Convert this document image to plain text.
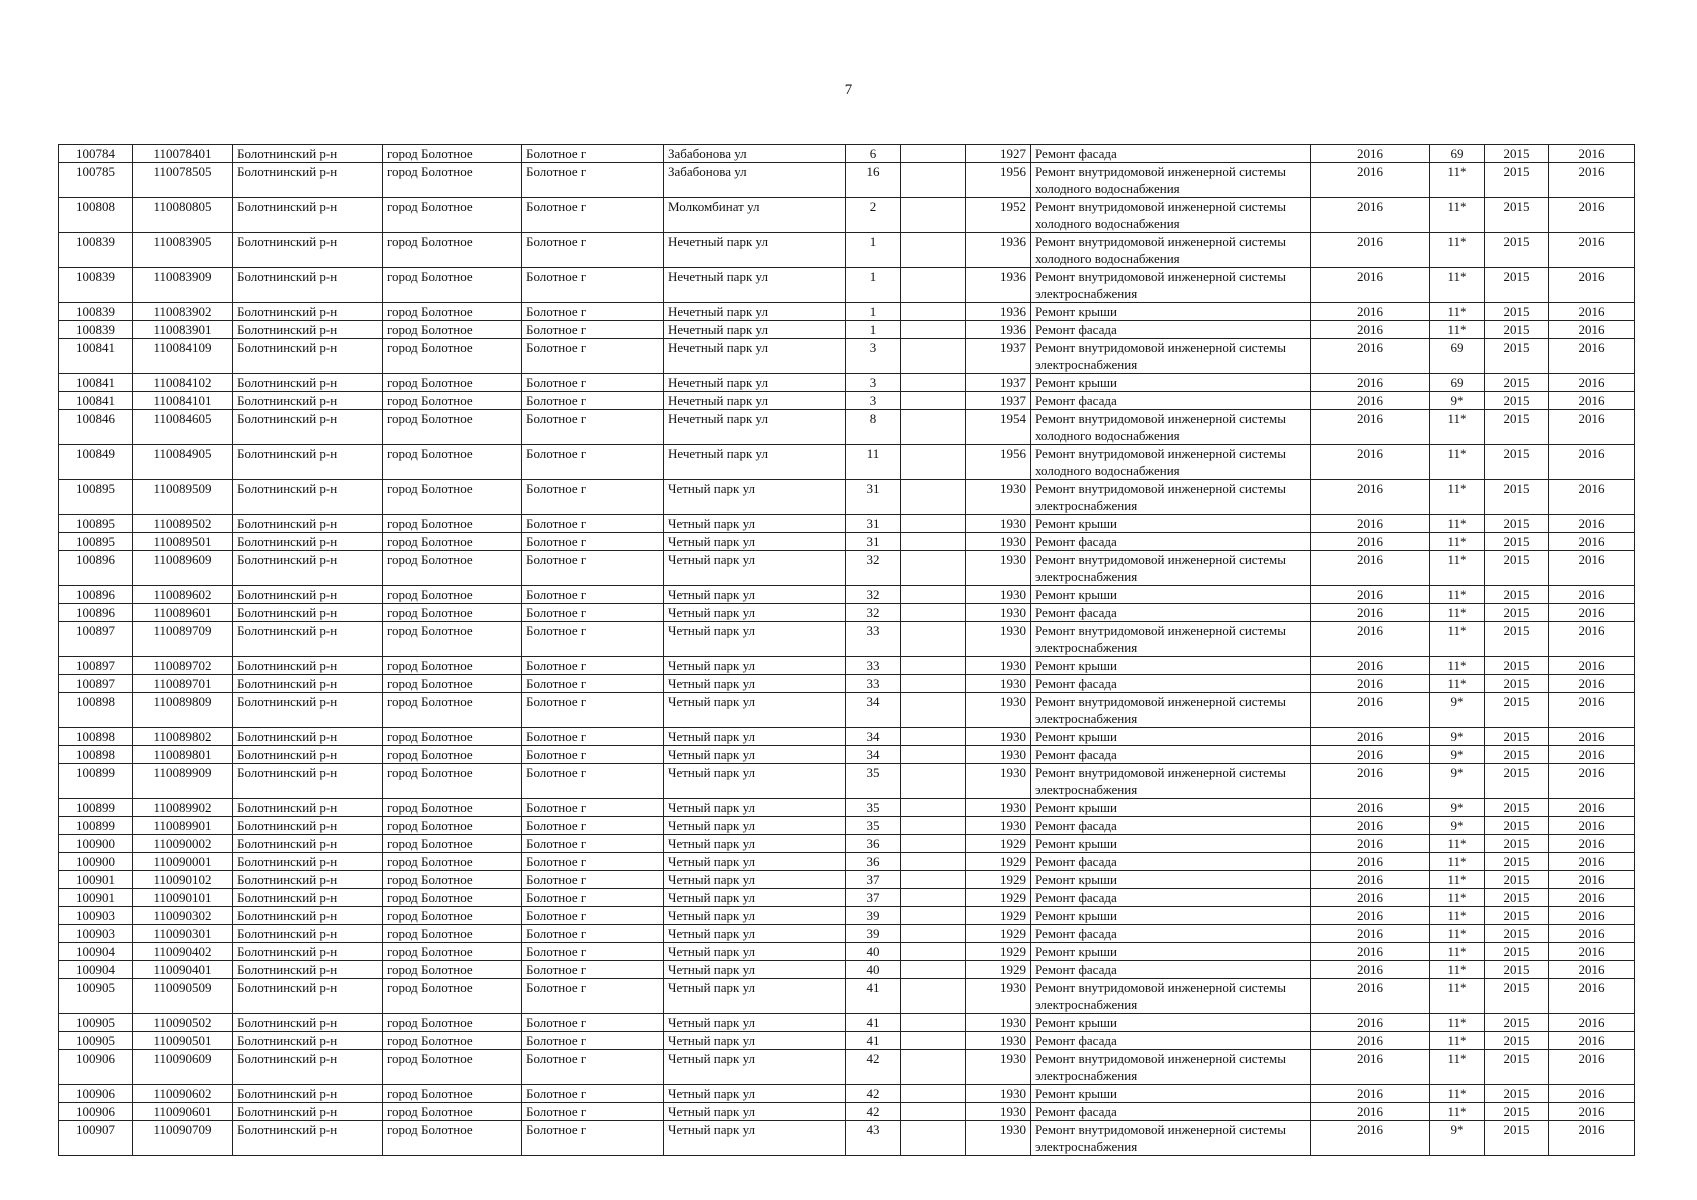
7
100784	110078401	Болотнинский р-н	город Болотное	Болотное г	Забабонова ул	6		1927	Ремонт фасада	2016	69	2015	2016
100785	110078505	Болотнинский р-н	город Болотное	Болотное г	Забабонова ул	16		1956	Ремонт внутридомовой инженерной системы холодного водоснабжения	2016	11*	2015	2016
100808	110080805	Болотнинский р-н	город Болотное	Болотное г	Молкомбинат ул	2		1952	Ремонт внутридомовой инженерной системы холодного водоснабжения	2016	11*	2015	2016
100839	110083905	Болотнинский р-н	город Болотное	Болотное г	Нечетный парк ул	1		1936	Ремонт внутридомовой инженерной системы холодного водоснабжения	2016	11*	2015	2016
100839	110083909	Болотнинский р-н	город Болотное	Болотное г	Нечетный парк ул	1		1936	Ремонт внутридомовой инженерной системы электроснабжения	2016	11*	2015	2016
100839	110083902	Болотнинский р-н	город Болотное	Болотное г	Нечетный парк ул	1		1936	Ремонт крыши	2016	11*	2015	2016
100839	110083901	Болотнинский р-н	город Болотное	Болотное г	Нечетный парк ул	1		1936	Ремонт фасада	2016	11*	2015	2016
100841	110084109	Болотнинский р-н	город Болотное	Болотное г	Нечетный парк ул	3		1937	Ремонт внутридомовой инженерной системы электроснабжения	2016	69	2015	2016
100841	110084102	Болотнинский р-н	город Болотное	Болотное г	Нечетный парк ул	3		1937	Ремонт крыши	2016	69	2015	2016
100841	110084101	Болотнинский р-н	город Болотное	Болотное г	Нечетный парк ул	3		1937	Ремонт фасада	2016	9*	2015	2016
100846	110084605	Болотнинский р-н	город Болотное	Болотное г	Нечетный парк ул	8		1954	Ремонт внутридомовой инженерной системы холодного водоснабжения	2016	11*	2015	2016
100849	110084905	Болотнинский р-н	город Болотное	Болотное г	Нечетный парк ул	11		1956	Ремонт внутридомовой инженерной системы холодного водоснабжения	2016	11*	2015	2016
100895	110089509	Болотнинский р-н	город Болотное	Болотное г	Четный парк ул	31		1930	Ремонт внутридомовой инженерной системы электроснабжения	2016	11*	2015	2016
100895	110089502	Болотнинский р-н	город Болотное	Болотное г	Четный парк ул	31		1930	Ремонт крыши	2016	11*	2015	2016
100895	110089501	Болотнинский р-н	город Болотное	Болотное г	Четный парк ул	31		1930	Ремонт фасада	2016	11*	2015	2016
100896	110089609	Болотнинский р-н	город Болотное	Болотное г	Четный парк ул	32		1930	Ремонт внутридомовой инженерной системы электроснабжения	2016	11*	2015	2016
100896	110089602	Болотнинский р-н	город Болотное	Болотное г	Четный парк ул	32		1930	Ремонт крыши	2016	11*	2015	2016
100896	110089601	Болотнинский р-н	город Болотное	Болотное г	Четный парк ул	32		1930	Ремонт фасада	2016	11*	2015	2016
100897	110089709	Болотнинский р-н	город Болотное	Болотное г	Четный парк ул	33		1930	Ремонт внутридомовой инженерной системы электроснабжения	2016	11*	2015	2016
100897	110089702	Болотнинский р-н	город Болотное	Болотное г	Четный парк ул	33		1930	Ремонт крыши	2016	11*	2015	2016
100897	110089701	Болотнинский р-н	город Болотное	Болотное г	Четный парк ул	33		1930	Ремонт фасада	2016	11*	2015	2016
100898	110089809	Болотнинский р-н	город Болотное	Болотное г	Четный парк ул	34		1930	Ремонт внутридомовой инженерной системы электроснабжения	2016	9*	2015	2016
100898	110089802	Болотнинский р-н	город Болотное	Болотное г	Четный парк ул	34		1930	Ремонт крыши	2016	9*	2015	2016
100898	110089801	Болотнинский р-н	город Болотное	Болотное г	Четный парк ул	34		1930	Ремонт фасада	2016	9*	2015	2016
100899	110089909	Болотнинский р-н	город Болотное	Болотное г	Четный парк ул	35		1930	Ремонт внутридомовой инженерной системы электроснабжения	2016	9*	2015	2016
100899	110089902	Болотнинский р-н	город Болотное	Болотное г	Четный парк ул	35		1930	Ремонт крыши	2016	9*	2015	2016
100899	110089901	Болотнинский р-н	город Болотное	Болотное г	Четный парк ул	35		1930	Ремонт фасада	2016	9*	2015	2016
100900	110090002	Болотнинский р-н	город Болотное	Болотное г	Четный парк ул	36		1929	Ремонт крыши	2016	11*	2015	2016
100900	110090001	Болотнинский р-н	город Болотное	Болотное г	Четный парк ул	36		1929	Ремонт фасада	2016	11*	2015	2016
100901	110090102	Болотнинский р-н	город Болотное	Болотное г	Четный парк ул	37		1929	Ремонт крыши	2016	11*	2015	2016
100901	110090101	Болотнинский р-н	город Болотное	Болотное г	Четный парк ул	37		1929	Ремонт фасада	2016	11*	2015	2016
100903	110090302	Болотнинский р-н	город Болотное	Болотное г	Четный парк ул	39		1929	Ремонт крыши	2016	11*	2015	2016
100903	110090301	Болотнинский р-н	город Болотное	Болотное г	Четный парк ул	39		1929	Ремонт фасада	2016	11*	2015	2016
100904	110090402	Болотнинский р-н	город Болотное	Болотное г	Четный парк ул	40		1929	Ремонт крыши	2016	11*	2015	2016
100904	110090401	Болотнинский р-н	город Болотное	Болотное г	Четный парк ул	40		1929	Ремонт фасада	2016	11*	2015	2016
100905	110090509	Болотнинский р-н	город Болотное	Болотное г	Четный парк ул	41		1930	Ремонт внутридомовой инженерной системы электроснабжения	2016	11*	2015	2016
100905	110090502	Болотнинский р-н	город Болотное	Болотное г	Четный парк ул	41		1930	Ремонт крыши	2016	11*	2015	2016
100905	110090501	Болотнинский р-н	город Болотное	Болотное г	Четный парк ул	41		1930	Ремонт фасада	2016	11*	2015	2016
100906	110090609	Болотнинский р-н	город Болотное	Болотное г	Четный парк ул	42		1930	Ремонт внутридомовой инженерной системы электроснабжения	2016	11*	2015	2016
100906	110090602	Болотнинский р-н	город Болотное	Болотное г	Четный парк ул	42		1930	Ремонт крыши	2016	11*	2015	2016
100906	110090601	Болотнинский р-н	город Болотное	Болотное г	Четный парк ул	42		1930	Ремонт фасада	2016	11*	2015	2016
100907	110090709	Болотнинский р-н	город Болотное	Болотное г	Четный парк ул	43		1930	Ремонт внутридомовой инженерной системы электроснабжения	2016	9*	2015	2016
